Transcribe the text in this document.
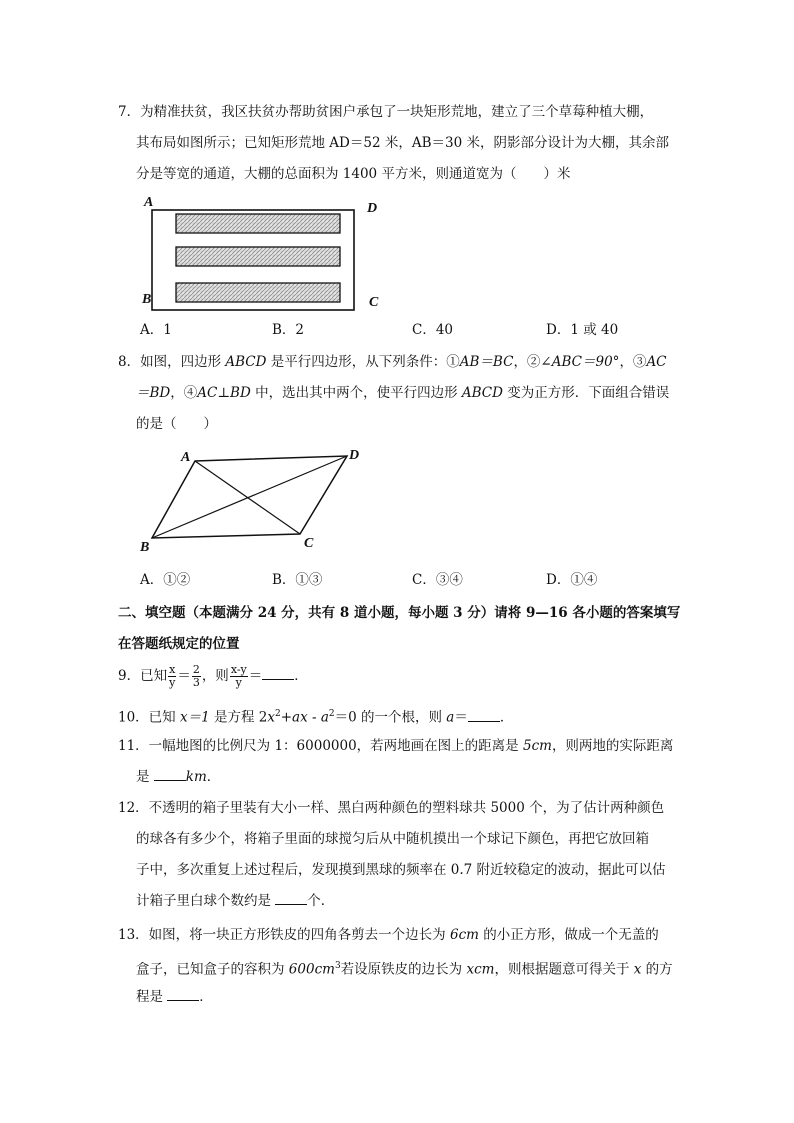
7．为精准扶贫，我区扶贫办帮助贫困户承包了一块矩形荒地，建立了三个草莓种植大棚，
其布局如图所示；已知矩形荒地 AD＝52 米，AB＝30 米，阴影部分设计为大棚，其余部
分是等宽的通道，大棚的总面积为 1400 平方米，则通道宽为（　　）米
A
B	C
D
A．1	B．2	C．40	D．1 或 40
8．如图，四边形 ABCD 是平行四边形，从下列条件：①AB＝BC，②∠ABC＝90°，③AC
＝BD，④AC⊥BD 中，选出其中两个，使平行四边形 ABCD 变为正方形．下面组合错误
的是（　　）
A	D
B	C
A．①②	B．①③	C．③④	D．①④
二、填空题（本题满分 24 分，共有 8 道小题，每小题 3 分）请将 9—16 各小题的答案填写
在答题纸规定的位置
9．已知 $\frac{x}{y} = \frac{2}{3}$ ，则 $\frac{x-y}{y}$ ＝ ．
10．已知 x＝1 是方程 $2x^2+ax - a^2=0$ 的一个根，则 a＝ ．
11．一幅地图的比例尺为 1：6000000，若两地画在图上的距离是 5cm，则两地的实际距离
是 km．
12．不透明的箱子里装有大小一样、黑白两种颜色的塑料球共 5000 个，为了估计两种颜色
的球各有多少个，将箱子里面的球搅匀后从中随机摸出一个球记下颜色，再把它放回箱
子中，多次重复上述过程后，发现摸到黑球的频率在 0.7 附近较稳定的波动，据此可以估
计箱子里白球个数约是 个．
13．如图，将一块正方形铁皮的四角各剪去一个边长为 6cm 的小正方形，做成一个无盖的
盒子，已知盒子的容积为 $600cm^3$若设原铁皮的边长为 xcm，则根据题意可得关于 x 的方
程是 ．
